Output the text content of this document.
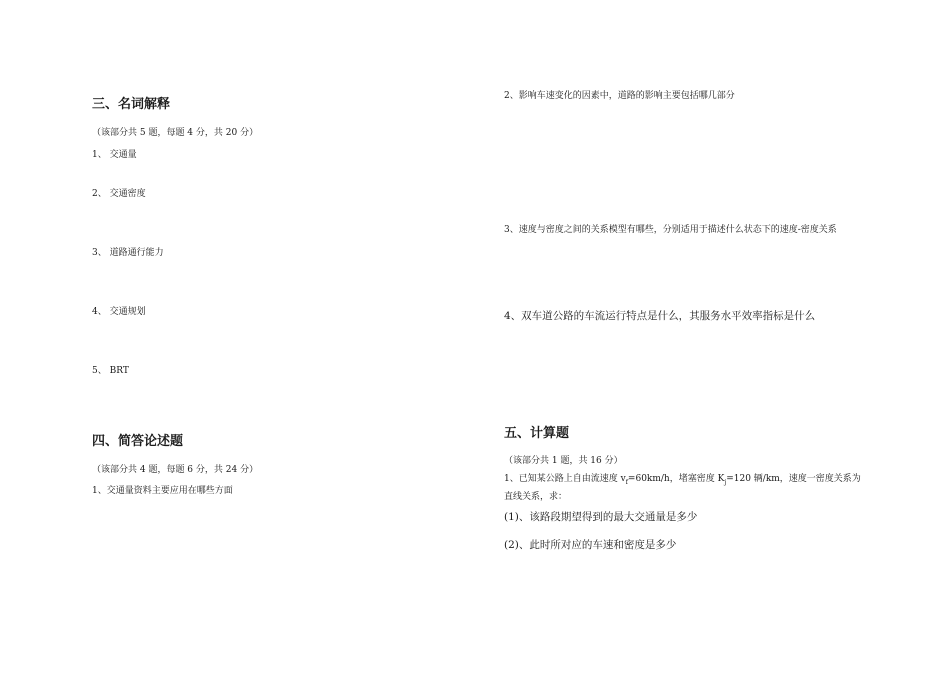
三、名词解释
（该部分共 5 题，每题 4 分，共 20 分）
1、 交通量
2、 交通密度
3、 道路通行能力
4、 交通规划
5、 BRT
四、简答论述题
（该部分共 4 题，每题 6 分，共 24 分）
1、交通量资料主要应用在哪些方面
2、影响车速变化的因素中，道路的影响主要包括哪几部分
3、速度与密度之间的关系模型有哪些，分别适用于描述什么状态下的速度-密度关系
4、双车道公路的车流运行特点是什么，其服务水平效率指标是什么
五、计算题
（该部分共 1 题，共 16 分）
1、已知某公路上自由流速度 $v_f=60km/h$，堵塞密度 $K_j=120$ 辆/km，速度一密度关系为
直线关系，求：
(1)、该路段期望得到的最大交通量是多少
(2)、此时所对应的车速和密度是多少
